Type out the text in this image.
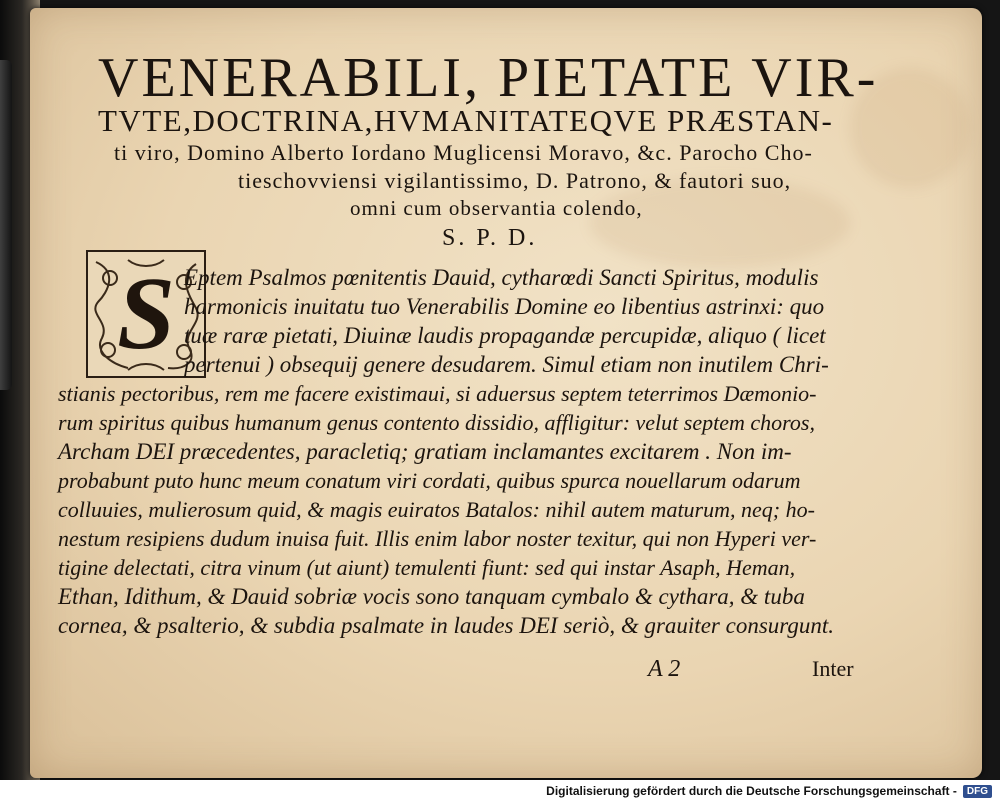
VENERABILI, PIETATE VIR-

TVTE,DOCTRINA,HVMANITATEQVE PRÆSTAN-

ti viro, Domino Alberto Iordano Muglicensi Moravo, &c. Parocho Cho-

tieschovviensi vigilantissimo, D. Patrono, & fautori suo,

omni cum observantia colendo,

S. P. D.

S Eptem Psalmos pœnitentis Dauid, cytharœdi Sancti Spiritus, modulis

harmonicis inuitatu tuo Venerabilis Domine eo libentius astrinxi: quo

tuæ raræ pietati, Diuinæ laudis propagandæ percupidæ, aliquo ( licet

pertenui ) obsequij genere desudarem. Simul etiam non inutilem Chri-

stianis pectoribus, rem me facere existimaui, si aduersus septem teterrimos Dæmonio-

rum spiritus quibus humanum genus contento dissidio, affligitur: velut septem choros,

Archam DEI præcedentes, paracletiq; gratiam inclamantes excitarem . Non im-

probabunt puto hunc meum conatum viri cordati, quibus spurca nouellarum odarum

colluuies, mulierosum quid, & magis euiratos Batalos: nihil autem maturum, neq; ho-

nestum resipiens dudum inuisa fuit. Illis enim labor noster texitur, qui non Hyperi ver-

tigine delectati, citra vinum (ut aiunt) temulenti fiunt: sed qui instar Asaph, Heman,

Ethan, Idithum, & Dauid sobriæ vocis sono tanquam cymbalo & cythara, & tuba

cornea, & psalterio, & subdia psalmate in laudes DEI seriò, & grauiter consurgunt.

A 2	Inter
Digitalisierung gefördert durch die Deutsche Forschungsgemeinschaft -	DFG
